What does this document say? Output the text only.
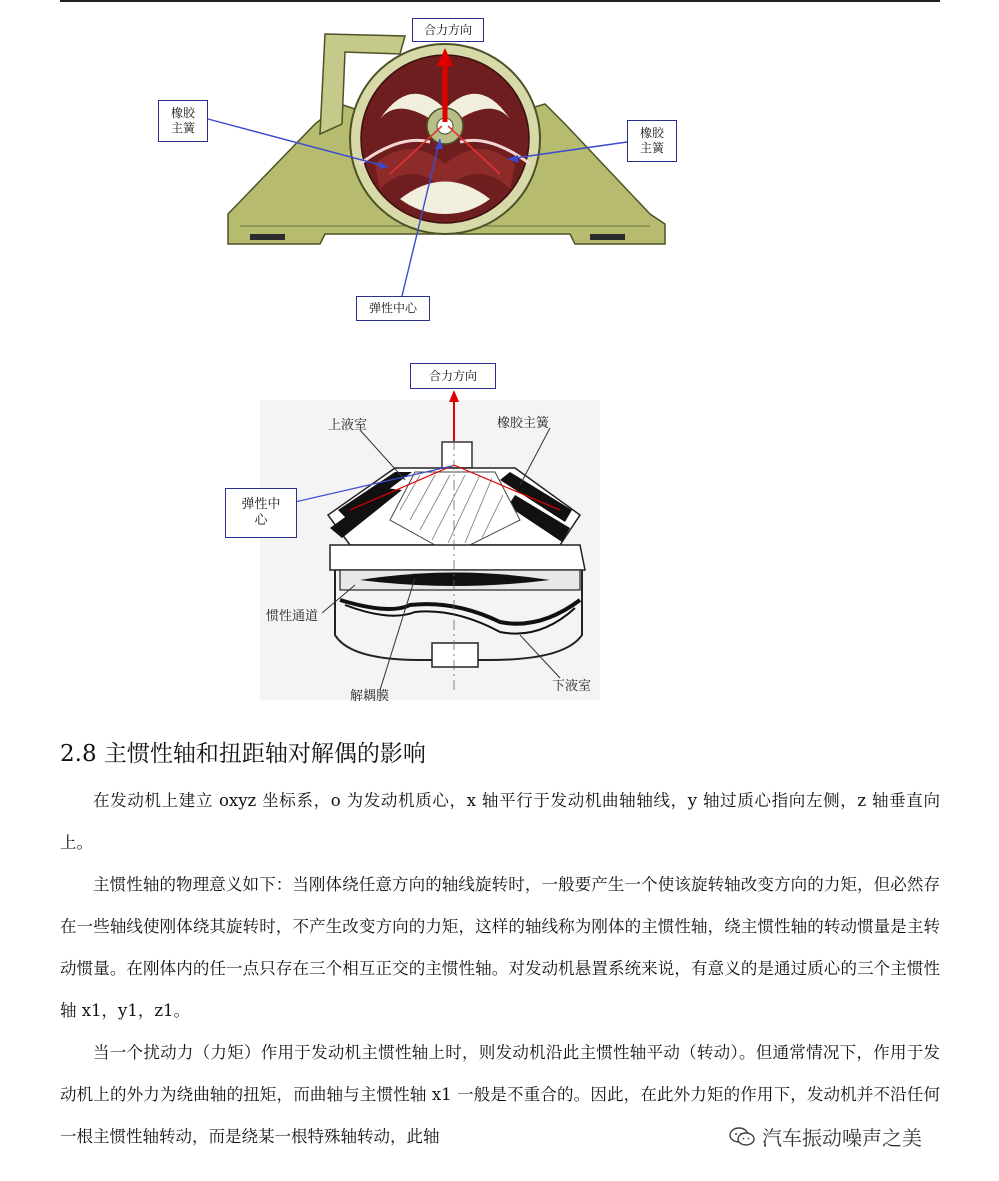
合力方向
橡胶
主簧	橡胶
主簧
弹性中心
合力方向
弹性中
心
上液室	橡胶主簧
惯性通道
解耦膜
下液室
2.8 主惯性轴和扭距轴对解偶的影响
在发动机上建立 oxyz 坐标系，o 为发动机质心，x 轴平行于发动机曲轴轴线，y 轴过质心指向左侧，z 轴垂直向上。
主惯性轴的物理意义如下：当刚体绕任意方向的轴线旋转时，一般要产生一个使该旋转轴改变方向的力矩，但必然存在一些轴线使刚体绕其旋转时，不产生改变方向的力矩，这样的轴线称为刚体的主惯性轴，绕主惯性轴的转动惯量是主转动惯量。在刚体内的任一点只存在三个相互正交的主惯性轴。对发动机悬置系统来说，有意义的是通过质心的三个主惯性轴 x1，y1，z1。
当一个扰动力（力矩）作用于发动机主惯性轴上时，则发动机沿此主惯性轴平动（转动）。但通常情况下，作用于发动机上的外力为绕曲轴的扭矩，而曲轴与主惯性轴 x1 一般是不重合的。因此，在此外力矩的作用下，发动机并不沿任何一根主惯性轴转动，而是绕某一根特殊轴转动，此轴	汽车振动噪声之美
